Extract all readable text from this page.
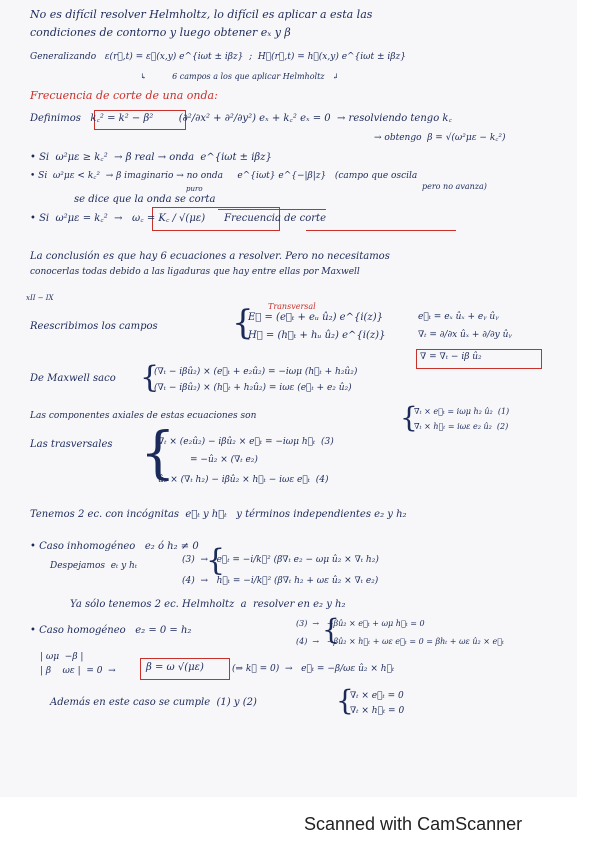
No es difícil resolver Helmholtz, lo difícil es aplicar a esta las
condiciones de contorno y luego obtener eₓ y β
Generalizando   ε(r⃗,t) = ε⃗(x,y) e^{iωt ± iβz}  ;  H⃗(r⃗,t) = h⃗(x,y) e^{iωt ± iβz}
↳          6 campos a los que aplicar Helmholtz   ↲
Frecuencia de corte de una onda:
Definimos   k꜀² = k² − β²        (∂²/∂x² + ∂²/∂y²) eₓ + k꜀² eₓ = 0  → resolviendo tengo k꜀
→ obtengo  β = √(ω²με − k꜀²)
• Si  ω²με ≥ k꜀²  → β real → onda  e^{iωt ± iβz}
• Si  ω²με < k꜀²  → β imaginario → no onda     e^{iωt} e^{−|β|z}   (campo que oscila
pero no avanza)
puro
se dice que la onda se corta
• Si  ω²με = k꜀²  →   ω꜀ = K꜀ / √(με)      Frecuencia de corte
La conclusión es que hay 6 ecuaciones a resolver. Pero no necesitamos
conocerlas todas debido a las ligaduras que hay entre ellas por Maxwell
xII − IX
Transversal
Reescribimos los campos {
E⃗ = (e⃗ₜ + eᵤ û₂) e^{i(z)}
H⃗ = (h⃗ₜ + hᵤ û₂) e^{i(z)}
e⃗ₜ = eₓ ûₓ + eᵧ ûᵧ
∇ₜ = ∂/∂x ûₓ + ∂/∂y ûᵧ
∇ = ∇ₜ − iβ û₂
De Maxwell saco {
(∇ₜ − iβû₂) × (e⃗ₜ + e₂û₂) = −iωμ (h⃗ₜ + h₂û₂)
(∇ₜ − iβû₂) × (h⃗ₜ + h₂û₂) = iωε (e⃗ₜ + e₂ û₂)
Las componentes axiales de estas ecuaciones son	{
∇ₜ × e⃗ₜ = iωμ h₂ û₂  (1)
∇ₜ × h⃗ₜ = iωε e₂ û₂  (2)
Las trasversales {
∇ₜ × (e₂û₂) − iβû₂ × e⃗ₜ = −iωμ h⃗ₜ  (3)
= −û₂ × (∇ₜ e₂)
û₂ × (∇ₜ h₂) − iβû₂ × h⃗ₜ − iωε e⃗ₜ  (4)
Tenemos 2 ec. con incógnitas  e⃗ₜ y h⃗ₜ   y términos independientes e₂ y h₂
• Caso inhomogéneo   e₂ ó h₂ ≠ 0
Despejamos  eₜ y hₜ {
(3)  →   e⃗ₜ = −i/k꜀² (β∇ₜ e₂ − ωμ û₂ × ∇ₜ h₂)
(4)  →   h⃗ₜ = −i/k꜀² (β∇ₜ h₂ + ωε û₂ × ∇ₜ e₂)
Ya sólo tenemos 2 ec. Helmholtz  a  resolver en e₂ y h₂
• Caso homogéneo   e₂ = 0 = h₂	{
(3)  →   −βû₂ × e⃗ₜ + ωμ h⃗ₜ = 0
(4)  →   −βû₂ × h⃗ₜ + ωε e⃗ₜ = 0 = βhₜ + ωε û₂ × e⃗ₜ
| ωμ  −β |
| β    ωε |  = 0  →	β = ω √(με)	(⇒ k꜀ = 0)  →   e⃗ₜ = −β/ωε û₂ × h⃗ₜ
Además en este caso se cumple  (1) y (2)	{
∇ₜ × e⃗ₜ = 0
∇ₜ × h⃗ₜ = 0
Scanned with CamScanner
